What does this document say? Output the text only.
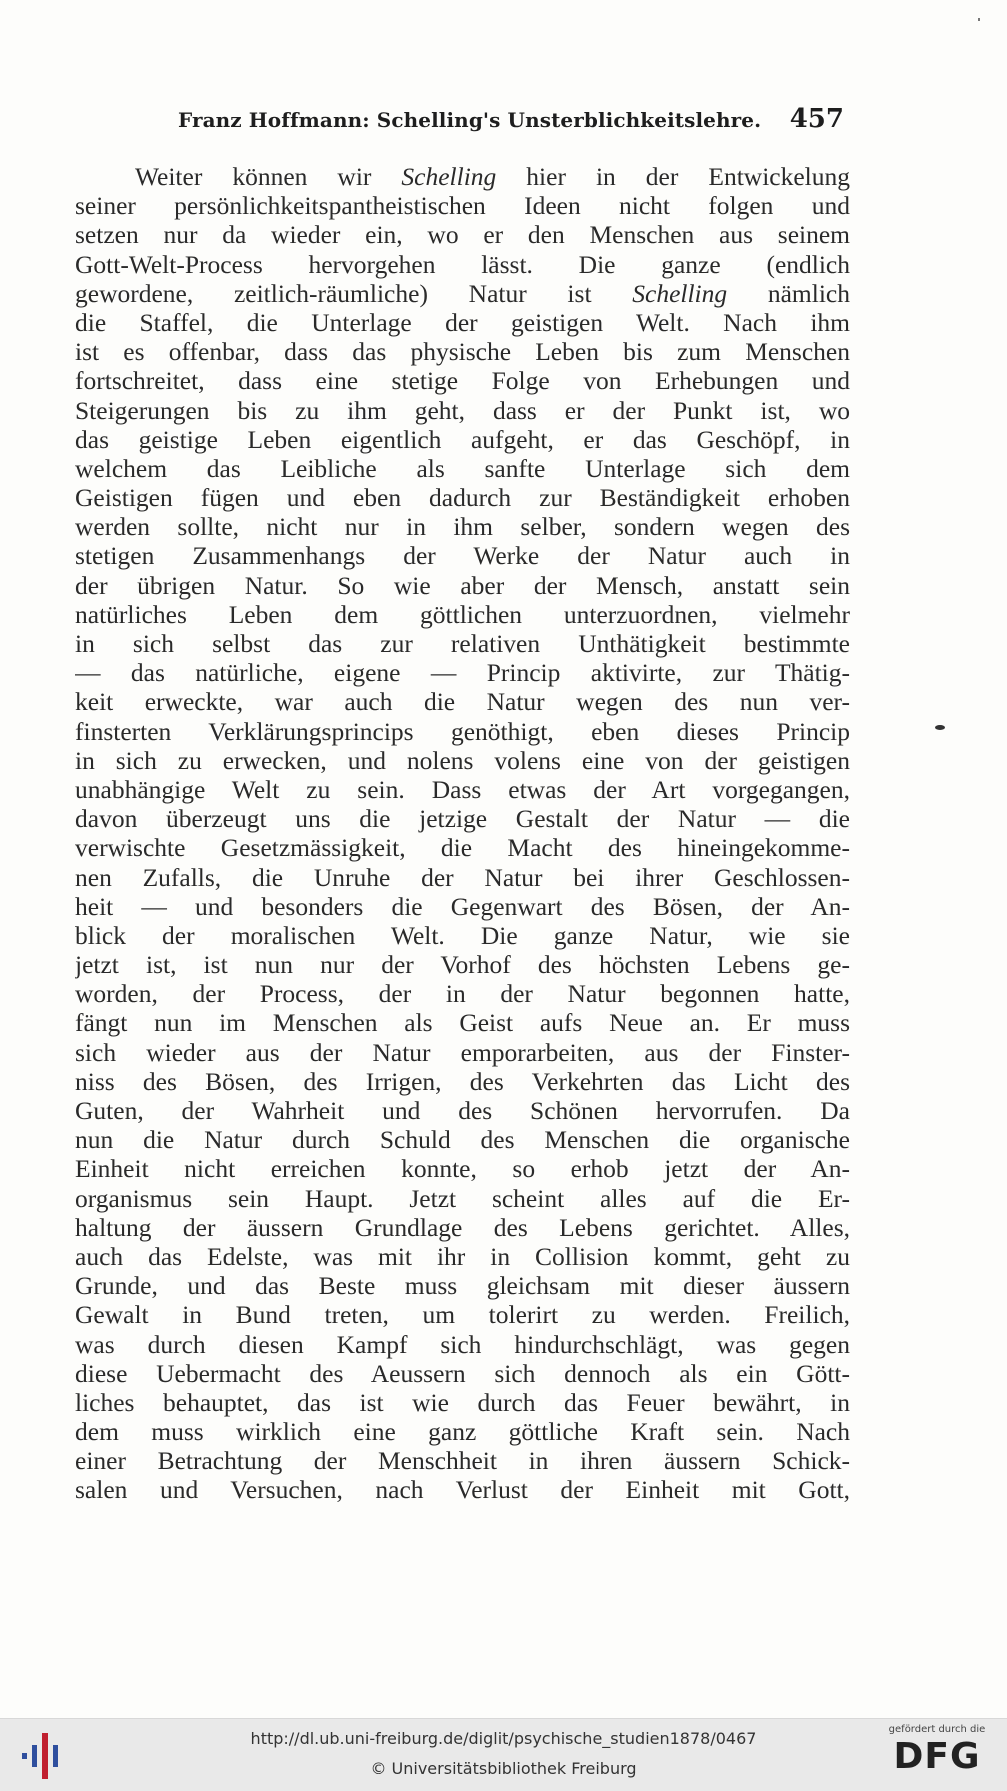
Franz Hoffmann: Schelling's Unsterblichkeitslehre. 457
Weiter können wir Schelling hier in der Entwickelung
seiner persönlichkeitspantheistischen Ideen nicht folgen und
setzen nur da wieder ein, wo er den Menschen aus seinem
Gott-Welt-Process hervorgehen lässt. Die ganze (endlich
gewordene, zeitlich-räumliche) Natur ist Schelling nämlich
die Staffel, die Unterlage der geistigen Welt. Nach ihm
ist es offenbar, dass das physische Leben bis zum Menschen
fortschreitet, dass eine stetige Folge von Erhebungen und
Steigerungen bis zu ihm geht, dass er der Punkt ist, wo
das geistige Leben eigentlich aufgeht, er das Geschöpf, in
welchem das Leibliche als sanfte Unterlage sich dem
Geistigen fügen und eben dadurch zur Beständigkeit erhoben
werden sollte, nicht nur in ihm selber, sondern wegen des
stetigen Zusammenhangs der Werke der Natur auch in
der übrigen Natur. So wie aber der Mensch, anstatt sein
natürliches Leben dem göttlichen unterzuordnen, vielmehr
in sich selbst das zur relativen Unthätigkeit bestimmte
— das natürliche, eigene — Princip aktivirte, zur Thätig-
keit erweckte, war auch die Natur wegen des nun ver-
finsterten Verklärungsprincips genöthigt, eben dieses Princip
in sich zu erwecken, und nolens volens eine von der geistigen
unabhängige Welt zu sein. Dass etwas der Art vorgegangen,
davon überzeugt uns die jetzige Gestalt der Natur — die
verwischte Gesetzmässigkeit, die Macht des hineingekomme-
nen Zufalls, die Unruhe der Natur bei ihrer Geschlossen-
heit — und besonders die Gegenwart des Bösen, der An-
blick der moralischen Welt. Die ganze Natur, wie sie
jetzt ist, ist nun nur der Vorhof des höchsten Lebens ge-
worden, der Process, der in der Natur begonnen hatte,
fängt nun im Menschen als Geist aufs Neue an. Er muss
sich wieder aus der Natur emporarbeiten, aus der Finster-
niss des Bösen, des Irrigen, des Verkehrten das Licht des
Guten, der Wahrheit und des Schönen hervorrufen. Da
nun die Natur durch Schuld des Menschen die organische
Einheit nicht erreichen konnte, so erhob jetzt der An-
organismus sein Haupt. Jetzt scheint alles auf die Er-
haltung der äussern Grundlage des Lebens gerichtet. Alles,
auch das Edelste, was mit ihr in Collision kommt, geht zu
Grunde, und das Beste muss gleichsam mit dieser äussern
Gewalt in Bund treten, um tolerirt zu werden. Freilich,
was durch diesen Kampf sich hindurchschlägt, was gegen
diese Uebermacht des Aeussern sich dennoch als ein Gött-
liches behauptet, das ist wie durch das Feuer bewährt, in
dem muss wirklich eine ganz göttliche Kraft sein. Nach
einer Betrachtung der Menschheit in ihren äussern Schick-
salen und Versuchen, nach Verlust der Einheit mit Gott,
http://dl.ub.uni-freiburg.de/diglit/psychische_studien1878/0467
© Universitätsbibliothek Freiburg
gefördert durch die
DFG
